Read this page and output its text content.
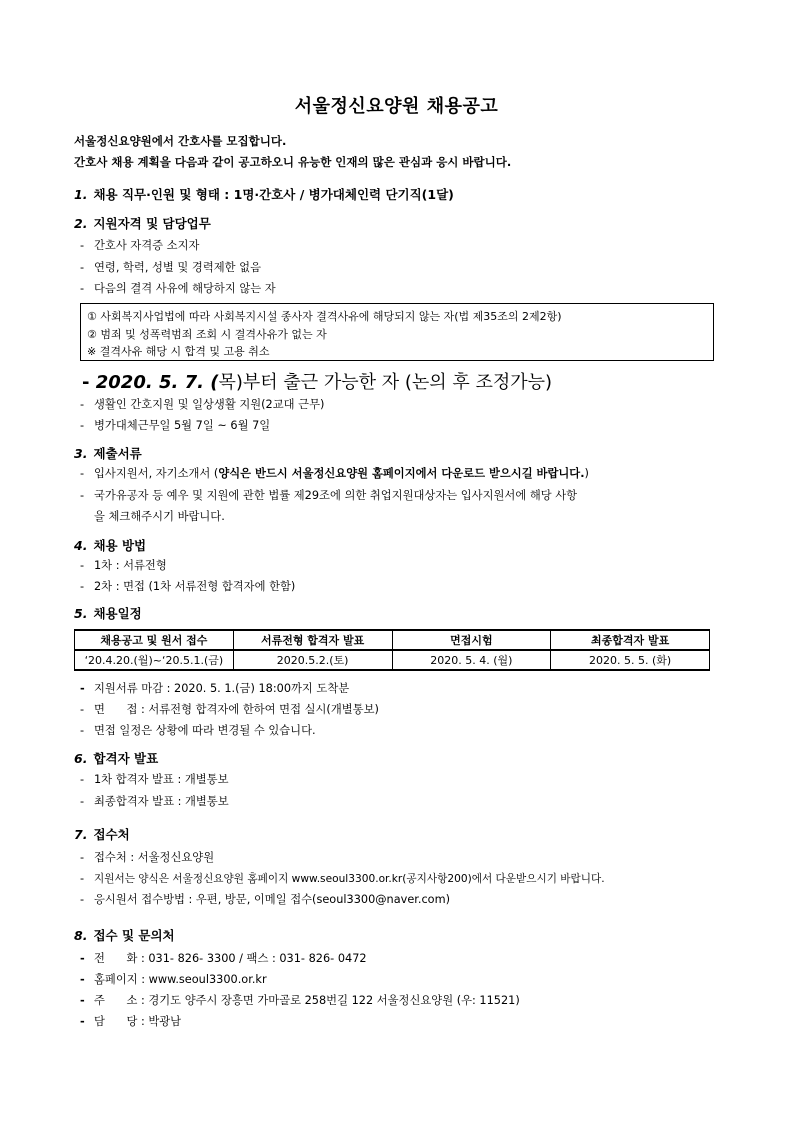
서울정신요양원 채용공고
서울정신요양원에서 간호사를 모집합니다.
간호사 채용 계획을 다음과 같이 공고하오니 유능한 인재의 많은 관심과 응시 바랍니다.
1. 채용 직무·인원 및 형태 : 1명·간호사 / 병가대체인력 단기직(1달)
2. 지원자격 및 담당업무
- 간호사 자격증 소지자
- 연령, 학력, 성별 및 경력제한 없음
- 다음의 결격 사유에 해당하지 않는 자
① 사회복지사업법에 따라 사회복지시설 종사자 결격사유에 해당되지 않는 자(법 제35조의 2제2항)
② 범죄 및 성폭력범죄 조회 시 결격사유가 없는 자
※ 결격사유 해당 시 합격 및 고용 취소
- 2020. 5. 7. (목)부터 출근 가능한 자 (논의 후 조정가능)
- 생활인 간호지원 및 일상생활 지원(2교대 근무)
- 병가대체근무일 5월 7일 ~ 6월 7일
3. 제출서류
- 입사지원서, 자기소개서 (양식은 반드시 서울정신요양원 홈페이지에서 다운로드 받으시길 바랍니다.)
- 국가유공자 등 예우 및 지원에 관한 법률 제29조에 의한 취업지원대상자는 입사지원서에 해당 사항
을 체크해주시기 바랍니다.
4. 채용 방법
- 1차 : 서류전형
- 2차 : 면접 (1차 서류전형 합격자에 한함)
5. 채용일정
채용공고 및 원서 접수	서류전형 합격자 발표	면접시험	최종합격자 발표
‘20.4.20.(월)~‘20.5.1.(금)	2020.5.2.(토)	2020. 5. 4. (월)	2020. 5. 5. (화)
- 지원서류 마감 : 2020. 5. 1.(금) 18:00까지 도착분
- 면      접 : 서류전형 합격자에 한하여 면접 실시(개별통보)
- 면접 일정은 상황에 따라 변경될 수 있습니다.
6. 합격자 발표
- 1차 합격자 발표 : 개별통보
- 최종합격자 발표 : 개별통보
7. 접수처
- 접수처 : 서울정신요양원
- 지원서는 양식은 서울정신요양원 홈페이지 www.seoul3300.or.kr(공지사항200)에서 다운받으시기 바랍니다.
- 응시원서 접수방법 : 우편, 방문, 이메일 접수(seoul3300@naver.com)
8. 접수 및 문의처
- 전      화 : 031- 826- 3300 / 팩스 : 031- 826- 0472
- 홈페이지 : www.seoul3300.or.kr
- 주      소 : 경기도 양주시 장흥면 가마골로 258번길 122 서울정신요양원 (우: 11521)
- 담      당 : 박광남
